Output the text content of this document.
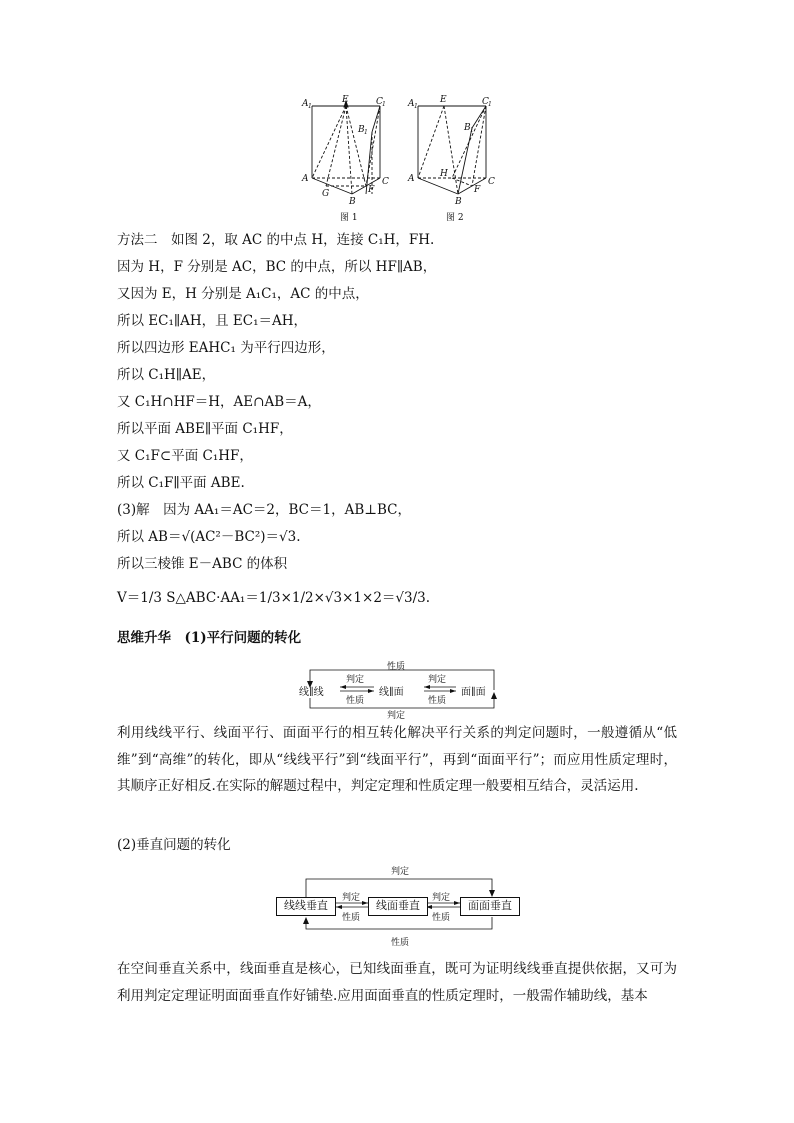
A 1
E	C 1
B 1
A
G
B
F
C
图 1
A 1
E	C 1
B 1
A	H
B
F
C
图 2
方法二　如图 2，取 AC 的中点 H，连接 C₁H，FH.
因为 H，F 分别是 AC，BC 的中点，所以 HF∥AB，
又因为 E，H 分别是 A₁C₁，AC 的中点，
所以 EC₁∥AH，且 EC₁＝AH，
所以四边形 EAHC₁ 为平行四边形，
所以 C₁H∥AE，
又 C₁H∩HF＝H，AE∩AB＝A，
所以平面 ABE∥平面 C₁HF，
又 C₁F⊂平面 C₁HF，
所以 C₁F∥平面 ABE.
(3)解　因为 AA₁＝AC＝2，BC＝1，AB⊥BC，
所以 AB＝√(AC²－BC²)＝√3.
所以三棱锥 E－ABC 的体积
V＝1/3 S△ABC·AA₁＝1/3×1/2×√3×1×2＝√3/3.
思维升华　 (1)平行问题的转化
性质
判定
判定
性质
判定
性质
线∥线	线∥面	面∥面
利用线线平行、线面平行、面面平行的相互转化解决平行关系的判定问题时，一般遵循从“低维”到“高维”的转化，即从“线线平行”到“线面平行”，再到“面面平行”；而应用性质定理时，其顺序正好相反.在实际的解题过程中，判定定理和性质定理一般要相互结合，灵活运用.
(2)垂直问题的转化
判定
性质
判定
性质
判定
性质
线线垂直	线面垂直	面面垂直
在空间垂直关系中，线面垂直是核心，已知线面垂直，既可为证明线线垂直提供依据，又可为利用判定定理证明面面垂直作好铺垫.应用面面垂直的性质定理时，一般需作辅助线，基本
